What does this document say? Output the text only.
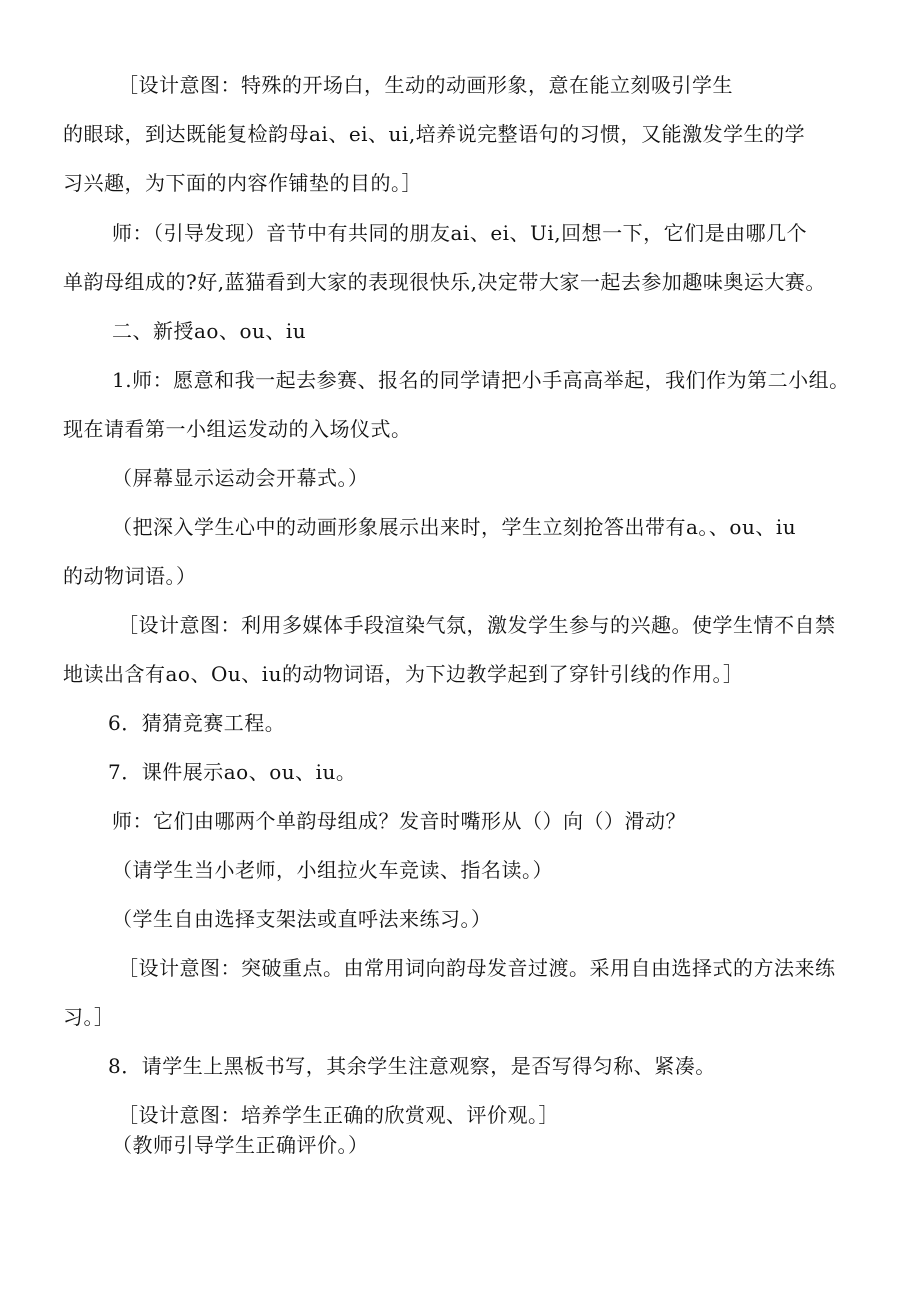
［设计意图：特殊的开场白，生动的动画形象，意在能立刻吸引学生
的眼球，到达既能复检韵母ai、ei、ui,培养说完整语句的习惯，又能激发学生的学
习兴趣，为下面的内容作铺垫的目的。］
师：（引导发现）音节中有共同的朋友ai、ei、Ui,回想一下，它们是由哪几个
单韵母组成的?好,蓝猫看到大家的表现很快乐,决定带大家一起去参加趣味奥运大赛。
二、新授ao、ou、iu
1.师：愿意和我一起去参赛、报名的同学请把小手高高举起，我们作为第二小组。
现在请看第一小组运发动的入场仪式。
（屏幕显示运动会开幕式。）
（把深入学生心中的动画形象展示出来时，学生立刻抢答出带有a。、ou、iu
的动物词语。）
［设计意图：利用多媒体手段渲染气氛，激发学生参与的兴趣。使学生情不自禁
地读出含有ao、Ou、iu的动物词语，为下边教学起到了穿针引线的作用。］
6．猜猜竞赛工程。
7．课件展示ao、ou、iu。
师：它们由哪两个单韵母组成？发音时嘴形从（）向（）滑动？
（请学生当小老师，小组拉火车竞读、指名读。）
（学生自由选择支架法或直呼法来练习。）
［设计意图：突破重点。由常用词向韵母发音过渡。采用自由选择式的方法来练
习。］
8．请学生上黑板书写，其余学生注意观察，是否写得匀称、紧凑。
［设计意图：培养学生正确的欣赏观、评价观。］
（教师引导学生正确评价。）
